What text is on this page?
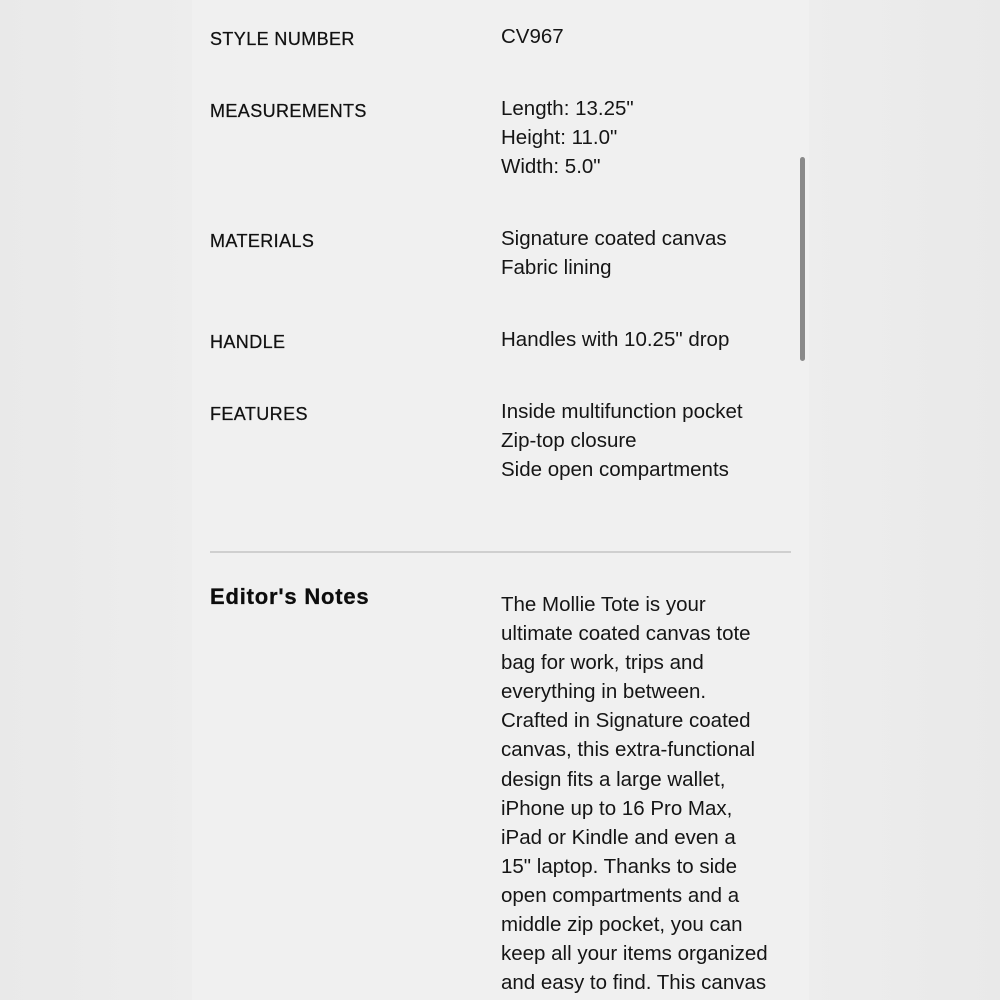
STYLE NUMBER	CV967
MEASUREMENTS	Length: 13.25"
Height: 11.0"
Width: 5.0"
MATERIALS	Signature coated canvas
Fabric lining
HANDLE	Handles with 10.25" drop
FEATURES	Inside multifunction pocket
Zip-top closure
Side open compartments
Editor's Notes	The Mollie Tote is your
ultimate coated canvas tote
bag for work, trips and
everything in between.
Crafted in Signature coated
canvas, this extra-functional
design fits a large wallet,
iPhone up to 16 Pro Max,
iPad or Kindle and even a
15" laptop. Thanks to side
open compartments and a
middle zip pocket, you can
keep all your items organized
and easy to find. This canvas
